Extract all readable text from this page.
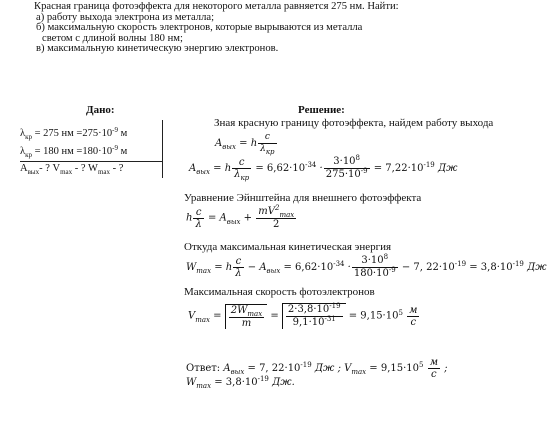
Красная граница фотоэффекта для некоторого металла равняется 275 нм. Найти:
а) работу выхода электрона из металла;
б) максимальную скорость электронов, которые вырываются из металла
светом с длиной волны 180 нм;
в) максимальную кинетическую энергию электронов.
Дано:
$\lambda_{кр} = 275$ нм $=275\cdot 10^{-9}$ м
$\lambda_{кр} = 180$ нм $=180\cdot 10^{-9}$ м
$A_{вых}-$ ? $V_{max}$ - ? $W_{max}$ - ?
Решение:
Зная красную границу фотоэффекта, найдем работу выхода
$A_{вых} = h \frac{c}{\lambda_{кр}}$
$A_{вых} = h \frac{c}{\lambda_{кр}} = 6,62\cdot 10^{-34} \cdot \frac{3\cdot 10^8}{275\cdot 10^{-9}} = 7,22\cdot 10^{-19}$ Дж
Уравнение Эйнштейна для внешнего фотоэффекта
h $\frac{c}{\lambda} = A_{вых} + \frac{mV^2_{max}}{2}$
Откуда максимальная кинетическая энергия
$W_{max} = h \frac{c}{\lambda} - A_{вых} = 6,62\cdot 10^{-34} \cdot \frac{3\cdot 10^8}{180\cdot 10^{-9}} - 7$, $22\cdot 10^{-19} = 3,8\cdot 10^{-19}$ Дж
Максимальная скорость фотоэлектронов
$V_{max} = \frac{2W_{max}}{m} = \frac{2\cdot 3,8\cdot 10^{-19}}{9,1\cdot 10^{-31}} = 9,15\cdot 10^5 \frac{м}{с}$
Ответ: $A_{вых} = 7$, $22\cdot 10^{-19}$ Дж ; $V_{max} = 9,15\cdot 10^5 \frac{м}{с}$ ;
$W_{max} = 3,8\cdot 10^{-19}$ Дж.
